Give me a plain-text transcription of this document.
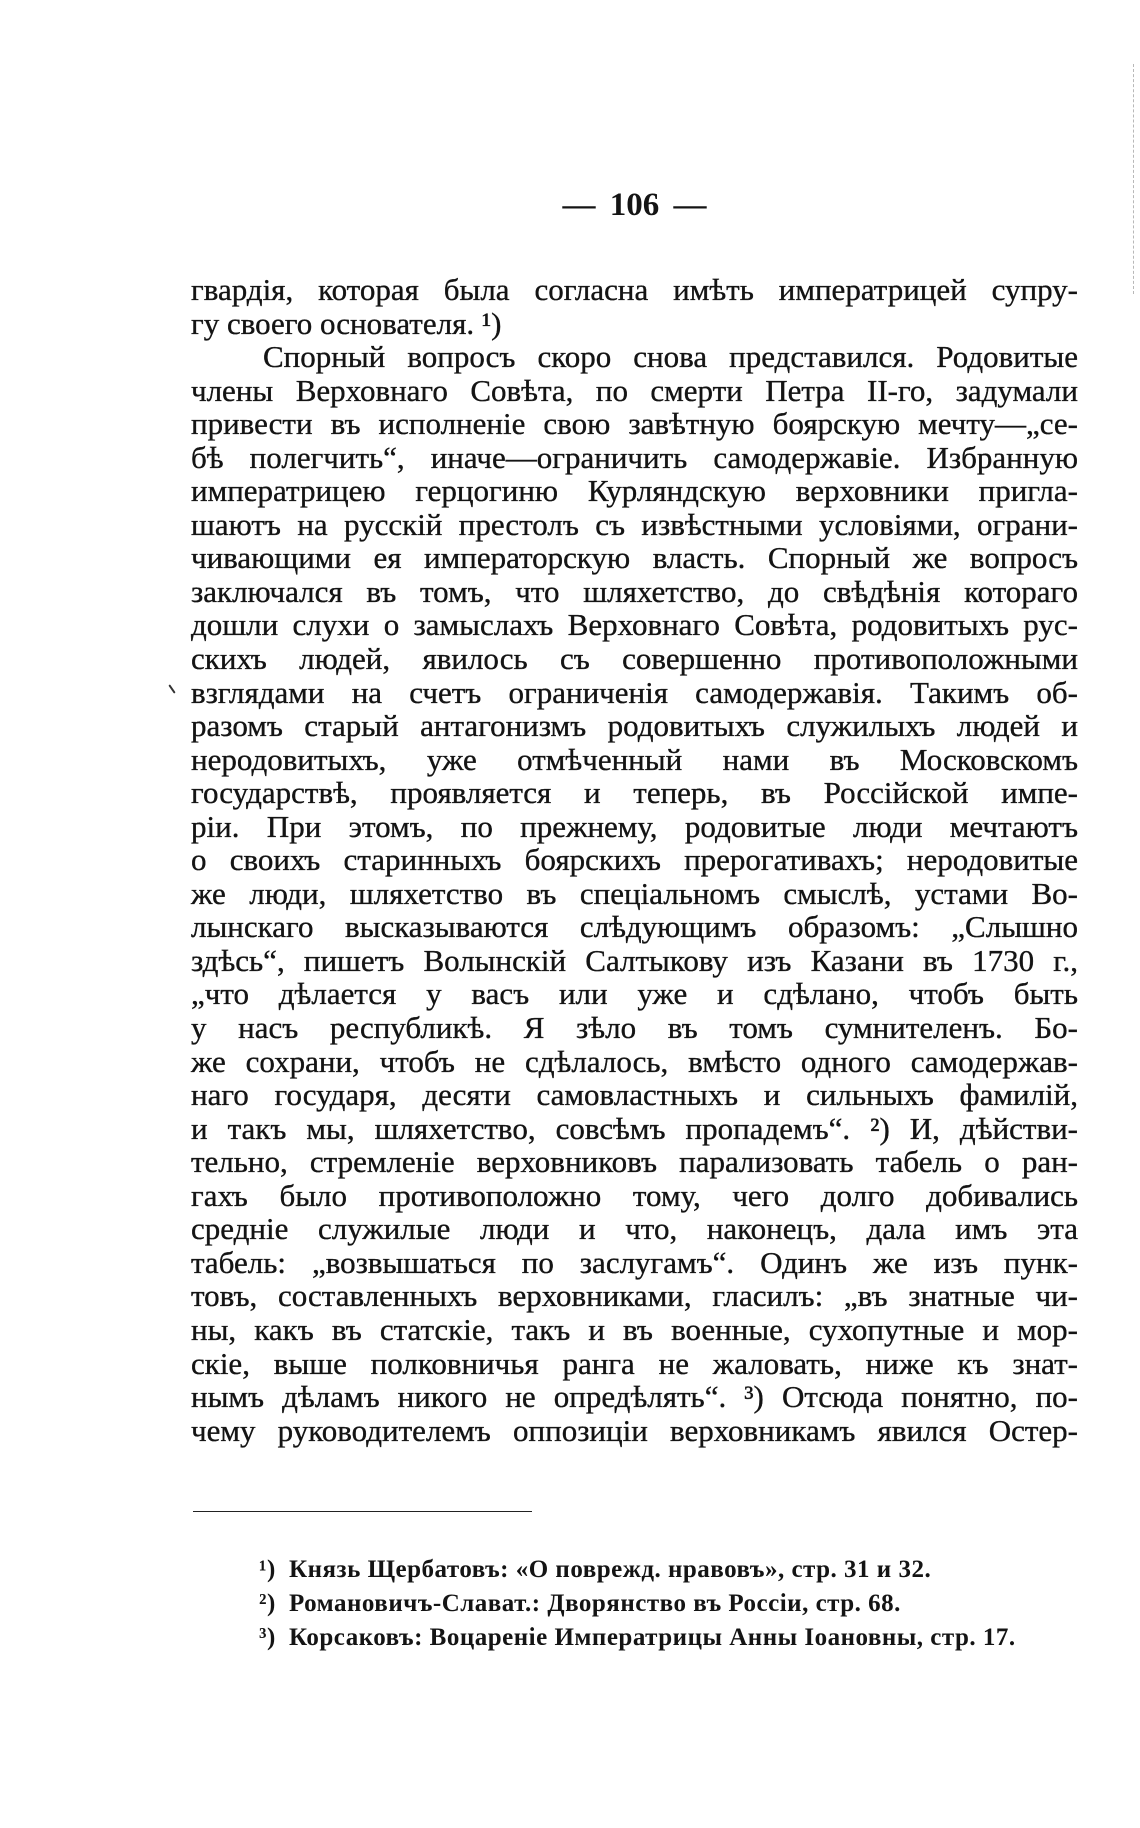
— 106 —
гвардія, которая была согласна имѣть императрицей супру-
гу своего основателя. ¹)
Спорный вопросъ скоро снова представился. Родовитые
члены Верховнаго Совѣта, по смерти Петра II-го, задумали
привести въ исполненіе свою завѣтную боярскую мечту—„се-
бѣ полегчить“, иначе—ограничить самодержавіе. Избранную
императрицею герцогиню Курляндскую верховники пригла-
шаютъ на русскій престолъ съ извѣстными условіями, ограни-
чивающими ея императорскую власть. Спорный же вопросъ
заключался въ томъ, что шляхетство, до свѣдѣнія котораго
дошли слухи о замыслахъ Верховнаго Совѣта, родовитыхъ рус-
скихъ людей, явилось съ совершенно противоположными
взглядами на счетъ ограниченія самодержавія. Такимъ об-
разомъ старый антагонизмъ родовитыхъ служилыхъ людей и
неродовитыхъ, уже отмѣченный нами въ Московскомъ
государствѣ, проявляется и теперь, въ Россійской импе-
ріи. При этомъ, по прежнему, родовитые люди мечтаютъ
о своихъ старинныхъ боярскихъ прерогативахъ; неродовитые
же люди, шляхетство въ спеціальномъ смыслѣ, устами Во-
лынскаго высказываются слѣдующимъ образомъ: „Слышно
здѣсь“, пишетъ Волынскій Салтыкову изъ Казани въ 1730 г.,
„что дѣлается у васъ или уже и сдѣлано, чтобъ быть
у насъ республикѣ. Я зѣло въ томъ сумнителенъ. Бо-
же сохрани, чтобъ не сдѣлалось, вмѣсто одного самодержав-
наго государя, десяти самовластныхъ и сильныхъ фамилій,
и такъ мы, шляхетство, совсѣмъ пропадемъ“. ²) И, дѣйстви-
тельно, стремленіе верховниковъ парализовать табель о ран-
гахъ было противоположно тому, чего долго добивались
средніе служилые люди и что, наконецъ, дала имъ эта
табель: „возвышаться по заслугамъ“. Одинъ же изъ пунк-
товъ, составленныхъ верховниками, гласилъ: „въ знатные чи-
ны, какъ въ статскіе, такъ и въ военные, сухопутные и мор-
скіе, выше полковничья ранга не жаловать, ниже къ знат-
нымъ дѣламъ никого не опредѣлять“. ³) Отсюда понятно, по-
чему руководителемъ оппозиціи верховникамъ явился Остер-
¹) Князь Щербатовъ: «О поврежд. нравовъ», стр. 31 и 32.
²) Романовичъ-Слават.: Дворянство въ Россіи, стр. 68.
³) Корсаковъ: Воцареніе Императрицы Анны Іоановны, стр. 17.
